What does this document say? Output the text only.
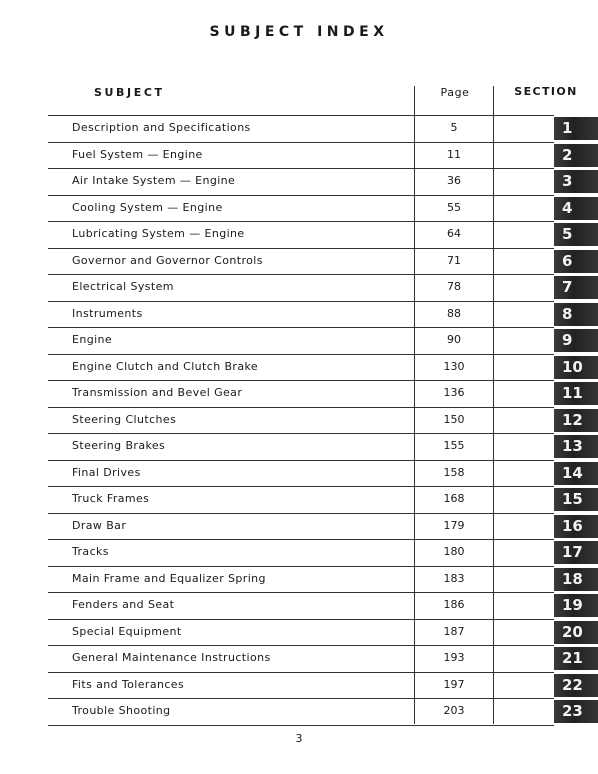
SUBJECT INDEX
SUBJECT	Page	SECTION
Description and Specifications	5	1
Fuel System — Engine	11	2
Air Intake System — Engine	36	3
Cooling System — Engine	55	4
Lubricating System — Engine	64	5
Governor and Governor Controls	71	6
Electrical System	78	7
Instruments	88	8
Engine	90	9
Engine Clutch and Clutch Brake	130	10
Transmission and Bevel Gear	136	11
Steering Clutches	150	12
Steering Brakes	155	13
Final Drives	158	14
Truck Frames	168	15
Draw Bar	179	16
Tracks	180	17
Main Frame and Equalizer Spring	183	18
Fenders and Seat	186	19
Special Equipment	187	20
General Maintenance Instructions	193	21
Fits and Tolerances	197	22
Trouble Shooting	203	23
3
